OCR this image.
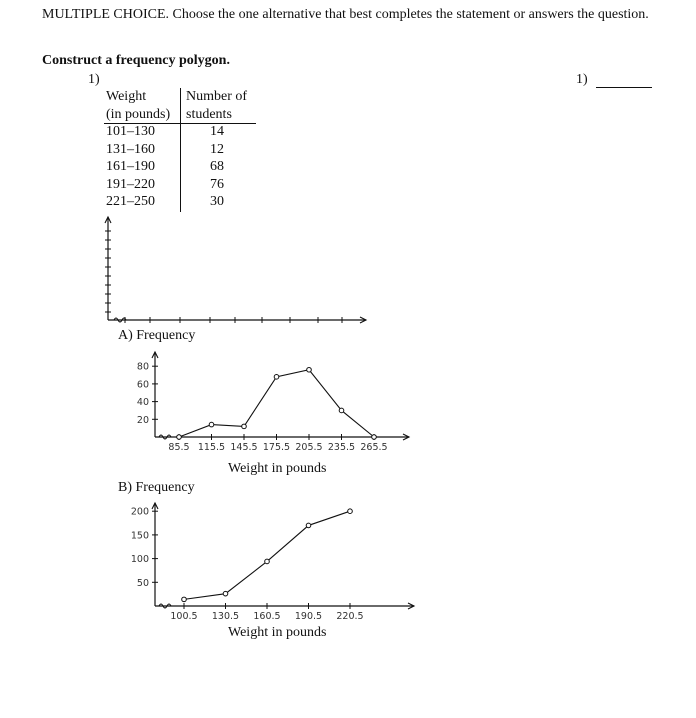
MULTIPLE CHOICE. Choose the one alternative that best completes the statement or answers the question.
Construct a frequency polygon.
1)	1)
Weight
(in pounds)
Number of
students
101–130	14
131–160	12
161–190	68
191–220	76
221–250	30
A) Frequency
Weight in pounds
B) Frequency
Weight in pounds
20
40
60
80
85.5 115.5 145.5 175.5 205.5 235.5 265.5
50
100
150
200
100.5 130.5 160.5 190.5 220.5
